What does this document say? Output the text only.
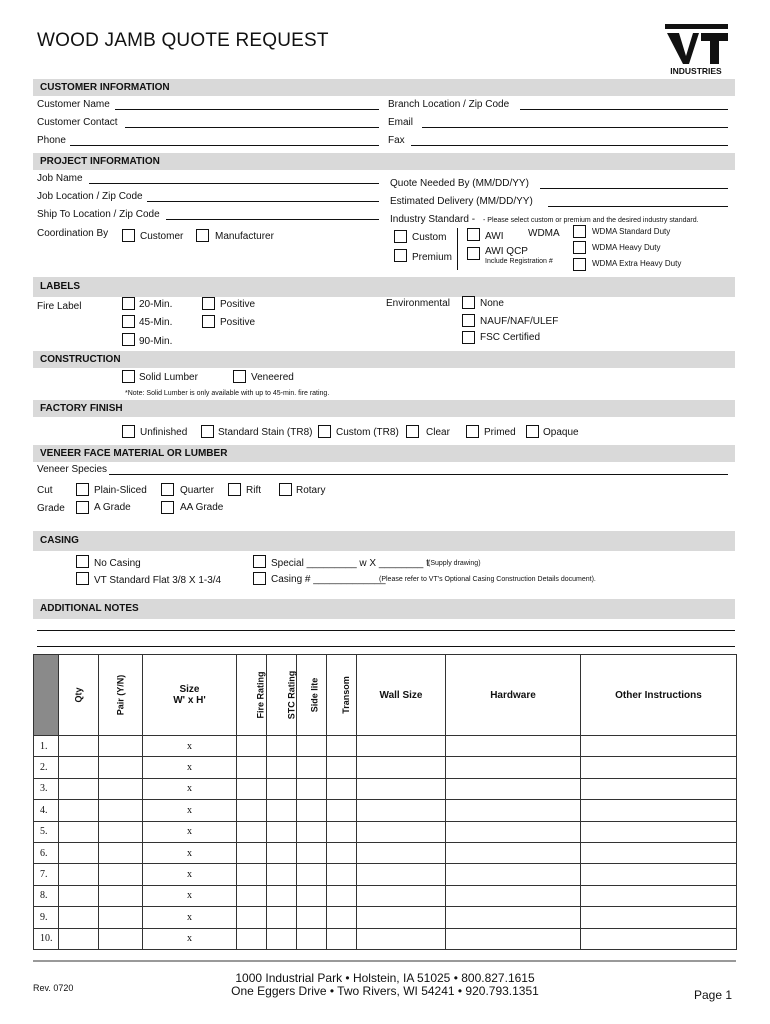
WOOD JAMB QUOTE REQUEST
INDUSTRIES
CUSTOMER INFORMATION
Customer Name	Branch Location / Zip Code
Customer Contact	Email
Phone	Fax
PROJECT INFORMATION
Job Name
Job Location / Zip Code
Ship To Location / Zip Code
Coordination By	Customer	Manufacturer
Quote Needed By (MM/DD/YY)
Estimated Delivery (MM/DD/YY)
Industry Standard - - Please select custom or premium and the desired industry standard.
Custom
Premium
AWI WDMA
AWI QCP
Include Registration #
WDMA Standard Duty
WDMA Heavy Duty
WDMA Extra Heavy Duty
LABELS
Fire Label	20-Min.
45-Min.
90-Min.
Positive
Positive
Environmental	None
NAUF/NAF/ULEF
FSC Certified
CONSTRUCTION
Solid Lumber	Veneered
*Note: Solid Lumber is only available with up to 45-min. fire rating.
FACTORY FINISH
Unfinished	Standard Stain (TR8) Custom (TR8)	Clear	Primed	Opaque
VENEER FACE MATERIAL OR LUMBER
Veneer Species
Cut	Plain-Sliced	Quarter	Rift	Rotary
Grade	A Grade	AA Grade
CASING
No Casing
VT Standard Flat 3/8 X 1-3/4
Special _________ w X ________ t (Supply drawing)
Casing # _____________
(Please refer to VT's Optional Casing Construction Details document).
ADDITIONAL NOTES
	Qty	Pair (Y/N)	Size
W' x H'	Fire Rating	STC Rating	Side lite	Transom	Wall Size	Hardware	Other Instructions
1.			x							
2.			x							
3.			x							
4.			x							
5.			x							
6.			x							
7.			x							
8.			x							
9.			x							
10.			x							
Rev. 0720
1000 Industrial Park • Holstein, IA 51025 • 800.827.1615
One Eggers Drive • Two Rivers, WI 54241 • 920.793.1351	Page 1
